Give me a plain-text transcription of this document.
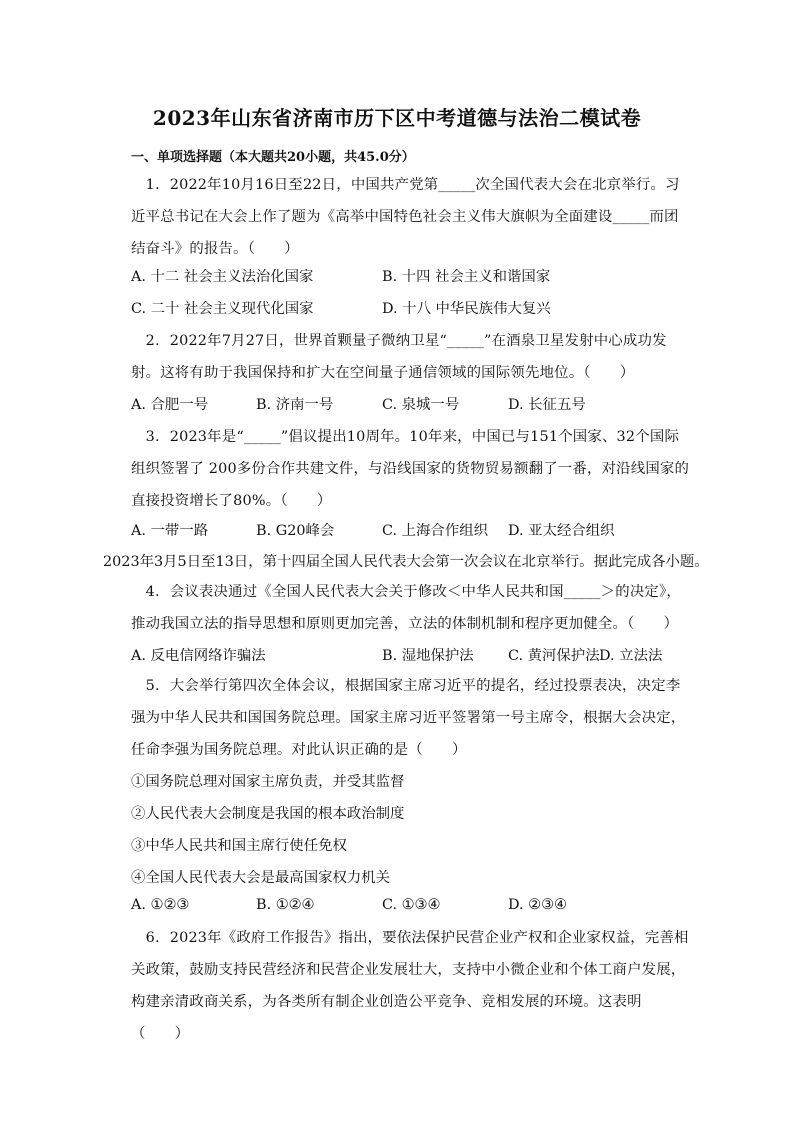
2023年山东省济南市历下区中考道德与法治二模试卷
一、单项选择题（本大题共20小题，共45.0分）
 1. 2022年10月16日至22日，中国共产党第_____次全国代表大会在北京举行。习近平总书记在大会上作了题为《高举中国特色社会主义伟大旗帜为全面建设_____而团结奋斗》的报告。（　　）
A. 十二 社会主义法治化国家	B. 十四 社会主义和谐国家
C. 二十 社会主义现代化国家	D. 十八 中华民族伟大复兴
 2. 2022年7月27日，世界首颗量子微纳卫星“_____”在酒泉卫星发射中心成功发射。这将有助于我国保持和扩大在空间量子通信领域的国际领先地位。（　　）
A. 合肥一号	B. 济南一号	C. 泉城一号	D. 长征五号
 3. 2023年是“_____”倡议提出10周年。10年来，中国已与151个国家、32个国际组织签署了 200多份合作共建文件，与沿线国家的货物贸易额翻了一番，对沿线国家的直接投资增长了80%。（　　）
A. 一带一路	B. G20峰会	C. 上海合作组织 D. 亚太经合组织
2023年3月5日至13日，第十四届全国人民代表大会第一次会议在北京举行。据此完成各小题。
 4. 会议表决通过《全国人民代表大会关于修改＜中华人民共和国_____＞的决定》，推动我国立法的指导思想和原则更加完善，立法的体制机制和程序更加健全。（　　）
A. 反电信网络诈骗法	B. 湿地保护法 C. 黄河保护法 D. 立法法
 5. 大会举行第四次全体会议，根据国家主席习近平的提名，经过投票表决，决定李强为中华人民共和国国务院总理。国家主席习近平签署第一号主席令，根据大会决定，任命李强为国务院总理。对此认识正确的是（　　）
①国务院总理对国家主席负责，并受其监督
②人民代表大会制度是我国的根本政治制度
③中华人民共和国主席行使任免权
④全国人民代表大会是最高国家权力机关
A. ①②③	B. ①②④	C. ①③④	D. ②③④
 6. 2023年《政府工作报告》指出，要依法保护民营企业产权和企业家权益，完善相关政策，鼓励支持民营经济和民营企业发展壮大，支持中小微企业和个体工商户发展，构建亲清政商关系，为各类所有制企业创造公平竞争、竞相发展的环境。这表明（　　）
